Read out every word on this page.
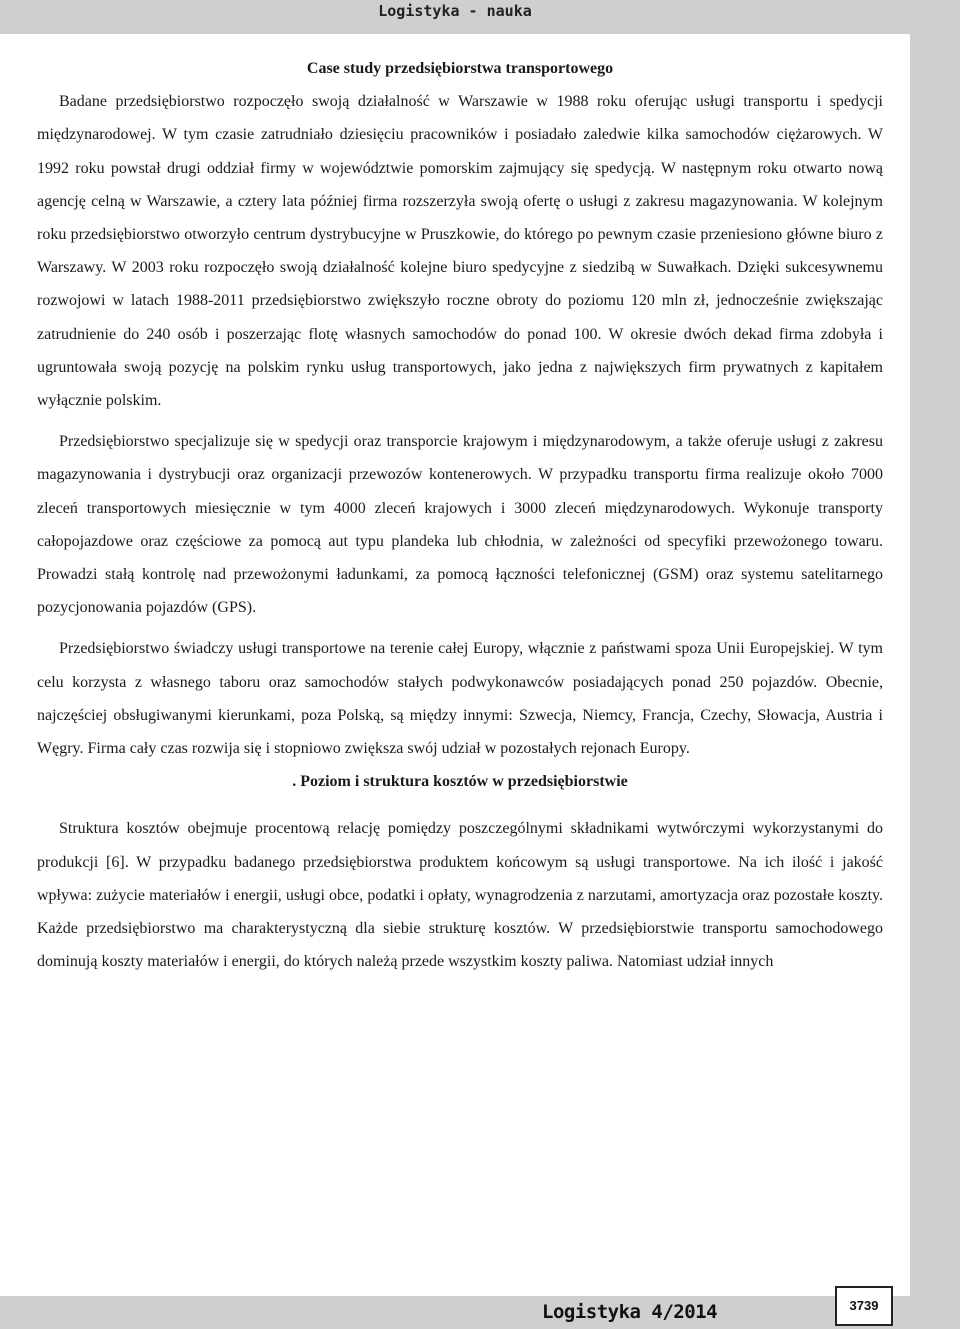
Logistyka - nauka

Case study przedsiębiorstwa transportowego

Badane przedsiębiorstwo rozpoczęło swoją działalność w Warszawie w 1988 roku oferując usługi transportu i spedycji międzynarodowej. W tym czasie zatrudniało dziesięciu pracowników i posiadało zaledwie kilka samochodów ciężarowych. W 1992 roku powstał drugi oddział firmy w województwie pomorskim zajmujący się spedycją. W następnym roku otwarto nową agencję celną w Warszawie, a cztery lata później firma rozszerzyła swoją ofertę o usługi z zakresu magazynowania. W kolejnym roku przedsiębiorstwo otworzyło centrum dystrybucyjne w Pruszkowie, do którego po pewnym czasie przeniesiono główne biuro z Warszawy. W 2003 roku rozpoczęło swoją działalność kolejne biuro spedycyjne z siedzibą w Suwałkach. Dzięki sukcesywnemu rozwojowi w latach 1988-2011 przedsiębiorstwo zwiększyło roczne obroty do poziomu 120 mln zł, jednocześnie zwiększając zatrudnienie do 240 osób i poszerzając flotę własnych samochodów do ponad 100. W okresie dwóch dekad firma zdobyła i ugruntowała swoją pozycję na polskim rynku usług transportowych, jako jedna z największych firm prywatnych z kapitałem wyłącznie polskim.

Przedsiębiorstwo specjalizuje się w spedycji oraz transporcie krajowym i międzynarodowym, a także oferuje usługi z zakresu magazynowania i dystrybucji oraz organizacji przewozów kontenerowych. W przypadku transportu firma realizuje około 7000 zleceń transportowych miesięcznie w tym 4000 zleceń krajowych i 3000 zleceń międzynarodowych. Wykonuje transporty całopojazdowe oraz częściowe za pomocą aut typu plandeka lub chłodnia, w zależności od specyfiki przewożonego towaru. Prowadzi stałą kontrolę nad przewożonymi ładunkami, za pomocą łączności telefonicznej (GSM) oraz systemu satelitarnego pozycjonowania pojazdów (GPS).

Przedsiębiorstwo świadczy usługi transportowe na terenie całej Europy, włącznie z państwami spoza Unii Europejskiej. W tym celu korzysta z własnego taboru oraz samochodów stałych podwykonawców posiadających ponad 250 pojazdów. Obecnie, najczęściej obsługiwanymi kierunkami, poza Polską, są między innymi: Szwecja, Niemcy, Francja, Czechy, Słowacja, Austria i Węgry. Firma cały czas rozwija się i stopniowo zwiększa swój udział w pozostałych rejonach Europy.

. Poziom i struktura kosztów w przedsiębiorstwie

Struktura kosztów obejmuje procentową relację pomiędzy poszczególnymi składnikami wytwórczymi wykorzystanymi do produkcji [6]. W przypadku badanego przedsiębiorstwa produktem końcowym są usługi transportowe. Na ich ilość i jakość wpływa: zużycie materiałów i energii, usługi obce, podatki i opłaty, wynagrodzenia z narzutami, amortyzacja oraz pozostałe koszty. Każde przedsiębiorstwo ma charakterystyczną dla siebie strukturę kosztów. W przedsiębiorstwie transportu samochodowego dominują koszty materiałów i energii, do których należą przede wszystkim koszty paliwa. Natomiast udział innych

Logistyka 4/2014	3739
